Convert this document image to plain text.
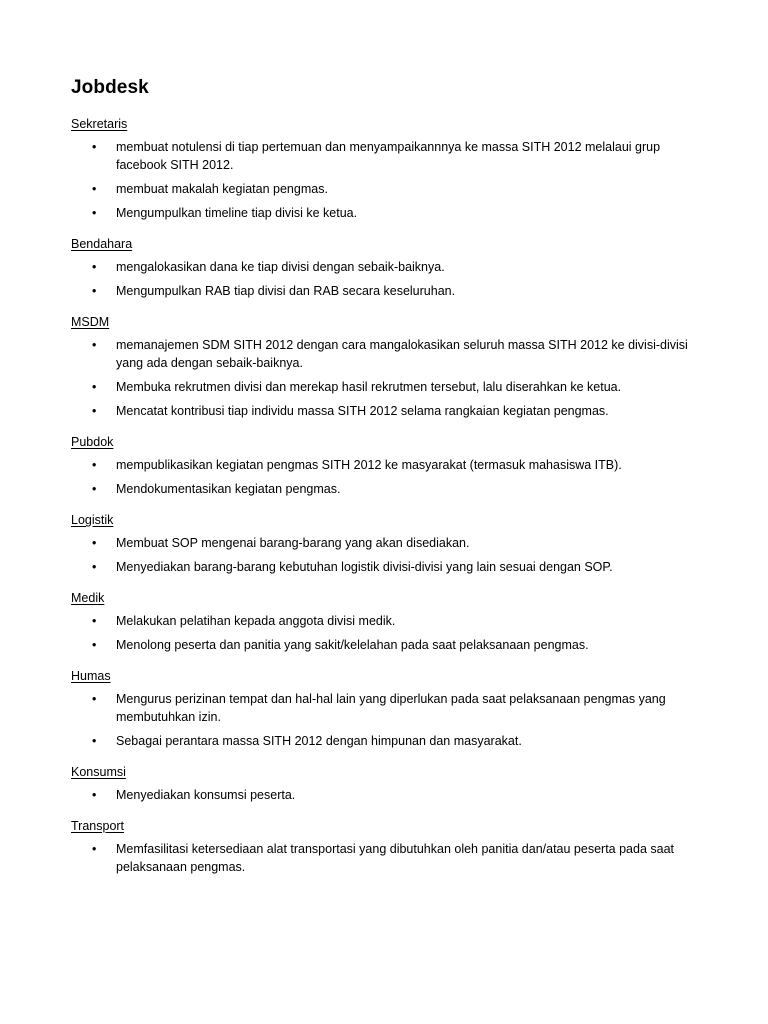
Jobdesk
Sekretaris
• membuat notulensi di tiap pertemuan dan menyampaikannnya ke massa SITH 2012 melalaui grup facebook SITH 2012.
• membuat makalah kegiatan pengmas.
• Mengumpulkan timeline tiap divisi ke ketua.
Bendahara
• mengalokasikan dana ke tiap divisi dengan sebaik-baiknya.
• Mengumpulkan RAB tiap divisi dan RAB secara keseluruhan.
MSDM
• memanajemen SDM SITH 2012 dengan cara mangalokasikan seluruh massa SITH 2012 ke divisi-divisi yang ada dengan sebaik-baiknya.
• Membuka rekrutmen divisi dan merekap hasil rekrutmen tersebut, lalu diserahkan ke ketua.
• Mencatat kontribusi tiap individu massa SITH 2012 selama rangkaian kegiatan pengmas.
Pubdok
• mempublikasikan kegiatan pengmas SITH 2012 ke masyarakat (termasuk mahasiswa ITB).
• Mendokumentasikan kegiatan pengmas.
Logistik
• Membuat SOP mengenai barang-barang yang akan disediakan.
• Menyediakan barang-barang kebutuhan logistik divisi-divisi yang lain sesuai dengan SOP.
Medik
• Melakukan pelatihan kepada anggota divisi medik.
• Menolong peserta dan panitia yang sakit/kelelahan pada saat pelaksanaan pengmas.
Humas
• Mengurus perizinan tempat dan hal-hal lain yang diperlukan pada saat pelaksanaan pengmas yang membutuhkan izin.
• Sebagai perantara massa SITH 2012 dengan himpunan dan masyarakat.
Konsumsi
• Menyediakan konsumsi peserta.
Transport
• Memfasilitasi ketersediaan alat transportasi yang dibutuhkan oleh panitia dan/atau peserta pada saat pelaksanaan pengmas.
